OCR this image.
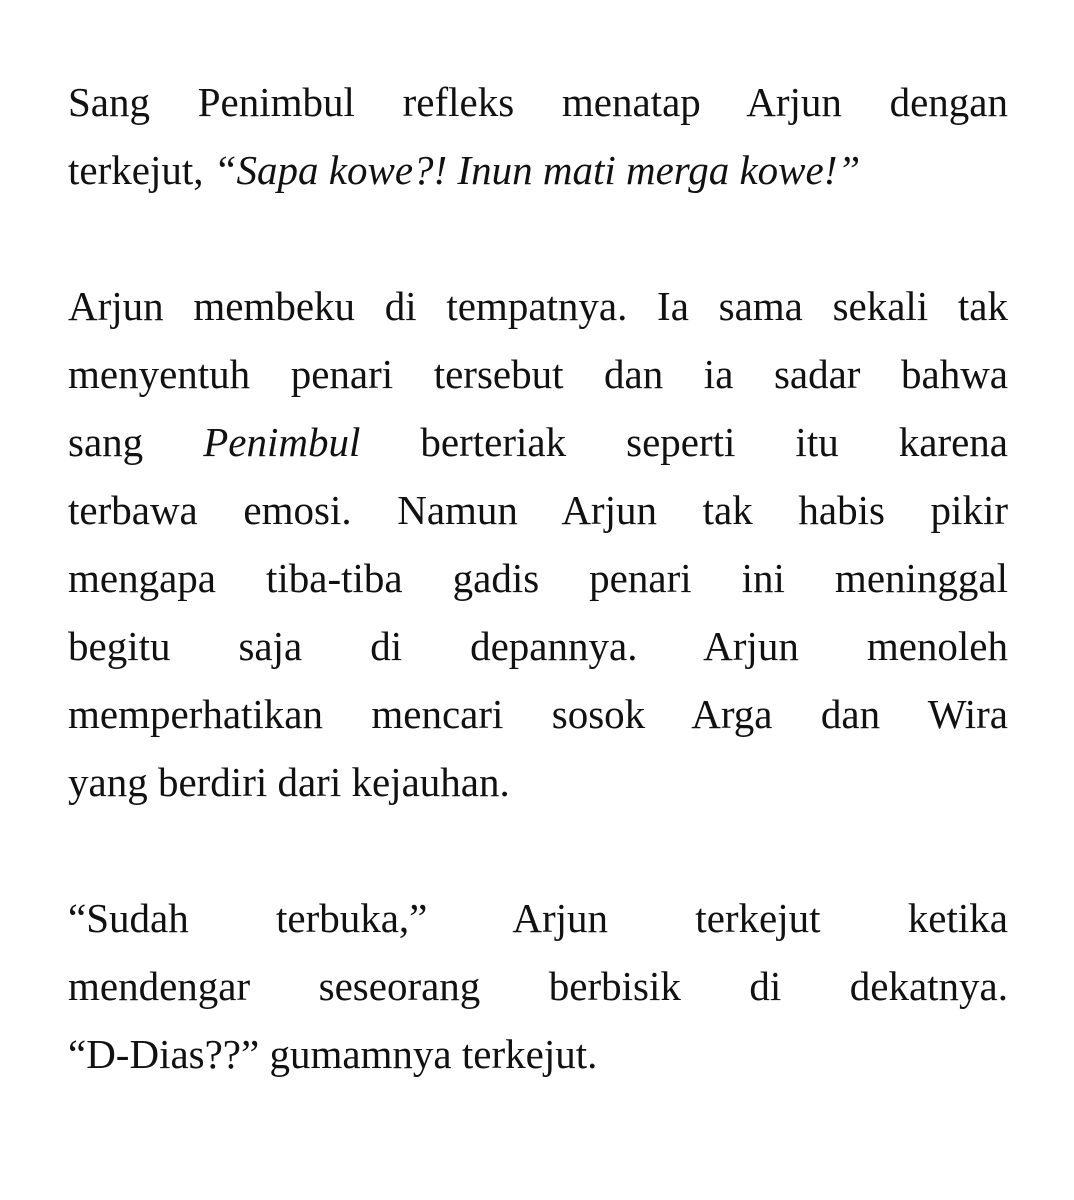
Sang Penimbul refleks menatap Arjun dengan
terkejut, “Sapa kowe?! Inun mati merga kowe!”
Arjun membeku di tempatnya. Ia sama sekali tak
menyentuh penari tersebut dan ia sadar bahwa
sang Penimbul berteriak seperti itu karena
terbawa emosi. Namun Arjun tak habis pikir
mengapa tiba-tiba gadis penari ini meninggal
begitu saja di depannya. Arjun menoleh
memperhatikan mencari sosok Arga dan Wira
yang berdiri dari kejauhan.
“Sudah terbuka,” Arjun terkejut ketika
mendengar seseorang berbisik di dekatnya.
“D-Dias??” gumamnya terkejut.
